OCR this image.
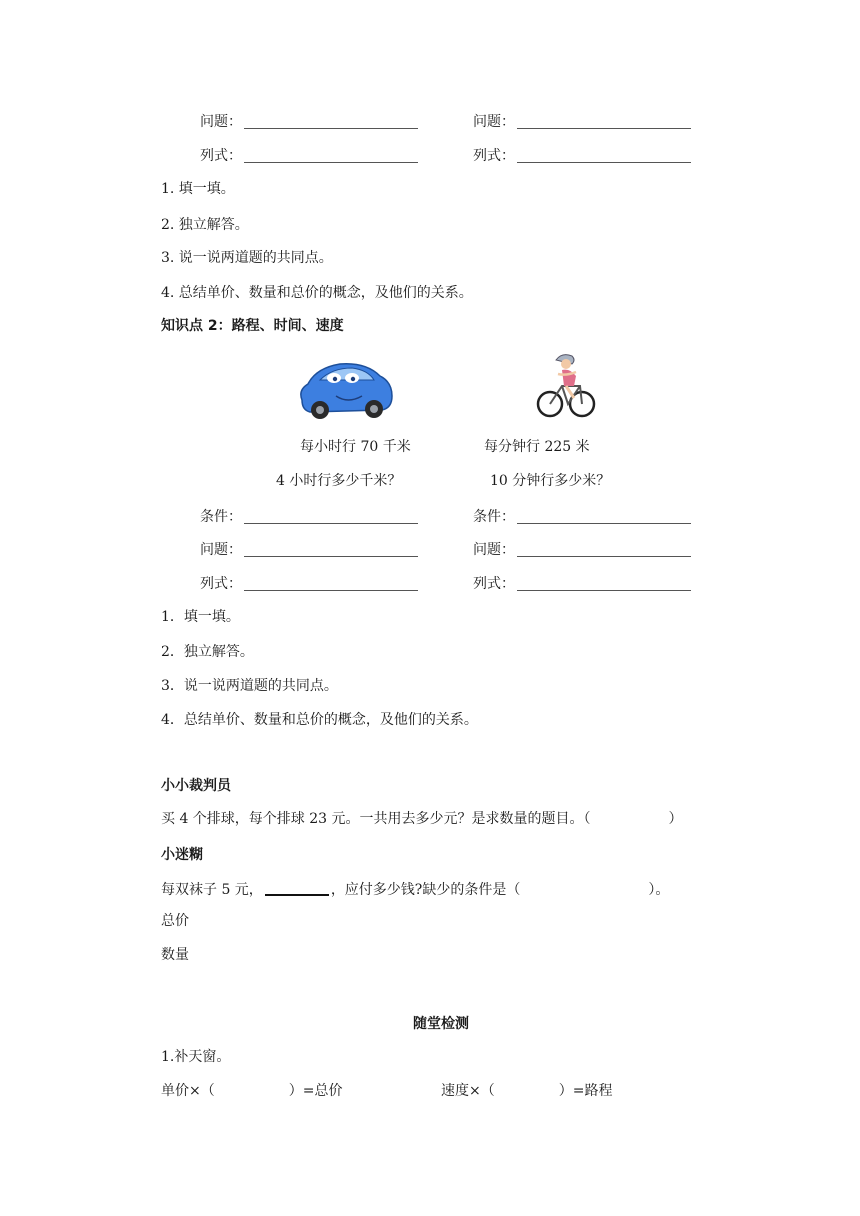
问题：	问题：
列式：	列式：
1. 填一填。
2. 独立解答。
3. 说一说两道题的共同点。
4. 总结单价、数量和总价的概念，及他们的关系。
知识点 2：路程、时间、速度
每小时行 70 千米	每分钟行 225 米
4 小时行多少千米？	10 分钟行多少米？
条件：	条件：
问题：	问题：
列式：	列式：
1．填一填。
2．独立解答。
3．说一说两道题的共同点。
4．总结单价、数量和总价的概念，及他们的关系。
小小裁判员
买 4 个排球，每个排球 23 元。一共用去多少元？是求数量的题目。（	）
小迷糊
每双袜子 5 元，	，应付多少钱?缺少的条件是（	）。
总价
数量
随堂检测
1.补天窗。
单价×（	）=总价	速度×（	）=路程
